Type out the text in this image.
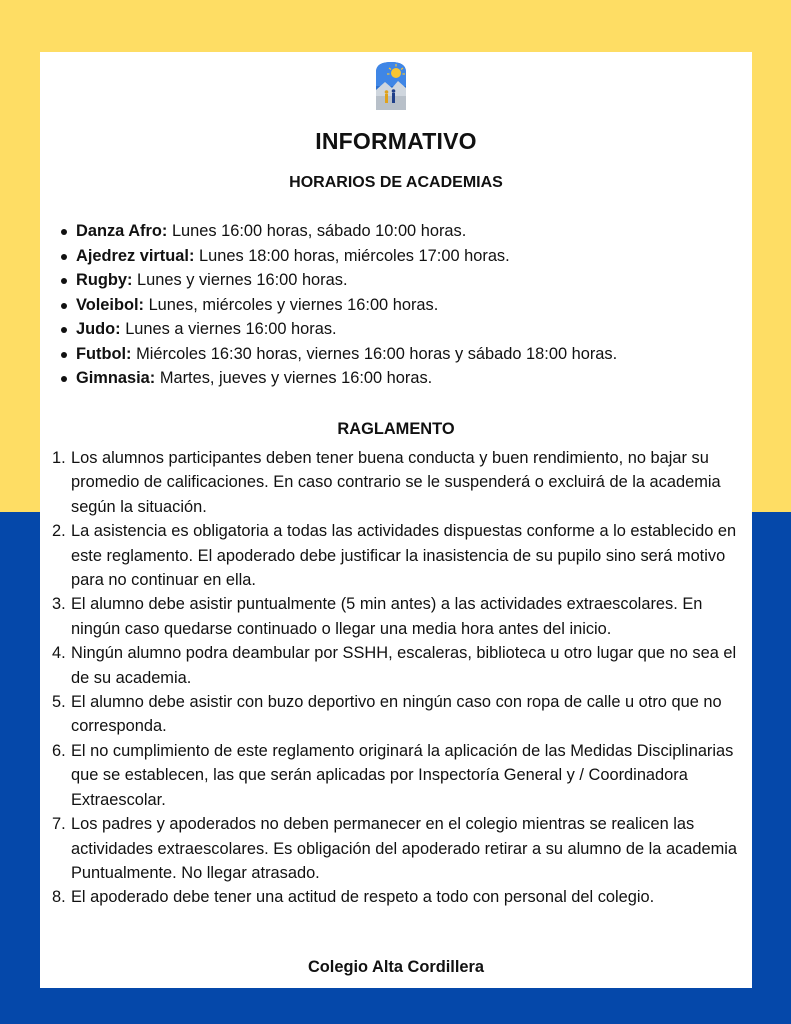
INFORMATIVO
HORARIOS DE ACADEMIAS
Danza Afro: Lunes 16:00 horas, sábado 10:00 horas.
Ajedrez virtual: Lunes 18:00 horas, miércoles 17:00 horas.
Rugby: Lunes y viernes 16:00 horas.
Voleibol: Lunes, miércoles y viernes 16:00 horas.
Judo: Lunes a viernes 16:00 horas.
Futbol: Miércoles 16:30 horas, viernes 16:00 horas y sábado 18:00 horas.
Gimnasia: Martes, jueves y viernes 16:00 horas.
RAGLAMENTO
1. Los alumnos participantes deben tener buena conducta y buen rendimiento, no bajar su promedio de calificaciones. En caso contrario se le suspenderá o excluirá de la academia según la situación.
2. La asistencia es obligatoria a todas las actividades dispuestas conforme a lo establecido en este reglamento. El apoderado debe justificar la inasistencia de su pupilo sino será motivo para no continuar en ella.
3. El alumno debe asistir puntualmente (5 min antes) a las actividades extraescolares. En ningún caso quedarse continuado o llegar una media hora antes del inicio.
4. Ningún alumno podra deambular por SSHH, escaleras, biblioteca u otro lugar que no sea el de su academia.
5. El alumno debe asistir con buzo deportivo en ningún caso con ropa de calle u otro que no corresponda.
6. El no cumplimiento de este reglamento originará la aplicación de las Medidas Disciplinarias que se establecen, las que serán aplicadas por Inspectoría General y / Coordinadora Extraescolar.
7. Los padres y apoderados no deben permanecer en el colegio mientras se realicen las actividades extraescolares. Es obligación del apoderado retirar a su alumno de la academia Puntualmente. No llegar atrasado.
8. El apoderado debe tener una actitud de respeto a todo con personal del colegio.
Colegio Alta Cordillera
